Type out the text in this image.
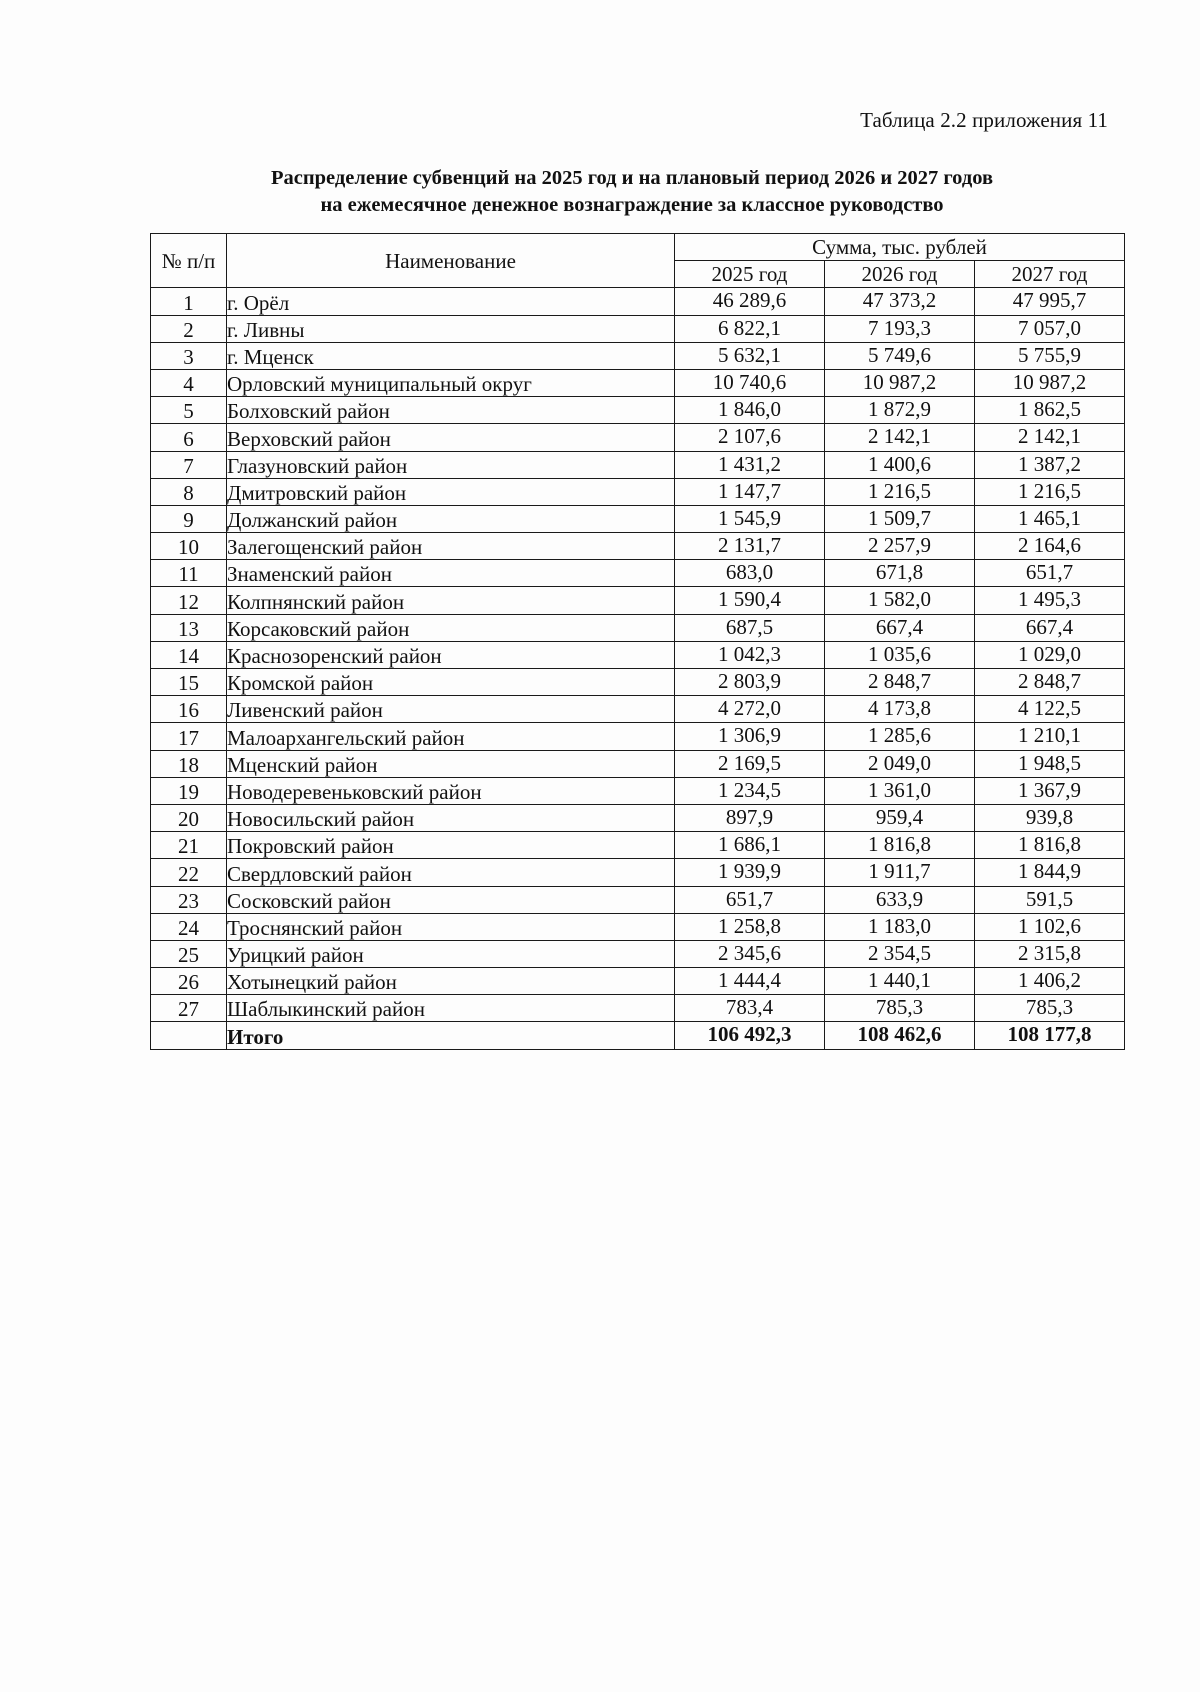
Таблица 2.2 приложения 11
Распределение субвенций на 2025 год и на плановый период 2026 и 2027 годов
на ежемесячное денежное вознаграждение за классное руководство
№ п/п	Наименование	Сумма, тыс. рублей		
		2025 год	2026 год	2027 год
1	г. Орёл	46 289,6	47 373,2	47 995,7
2	г. Ливны	6 822,1	7 193,3	7 057,0
3	г. Мценск	5 632,1	5 749,6	5 755,9
4	Орловский муниципальный округ	10 740,6	10 987,2	10 987,2
5	Болховский район	1 846,0	1 872,9	1 862,5
6	Верховский район	2 107,6	2 142,1	2 142,1
7	Глазуновский район	1 431,2	1 400,6	1 387,2
8	Дмитровский район	1 147,7	1 216,5	1 216,5
9	Должанский район	1 545,9	1 509,7	1 465,1
10	Залегощенский район	2 131,7	2 257,9	2 164,6
11	Знаменский район	683,0	671,8	651,7
12	Колпнянский район	1 590,4	1 582,0	1 495,3
13	Корсаковский район	687,5	667,4	667,4
14	Краснозоренский район	1 042,3	1 035,6	1 029,0
15	Кромской район	2 803,9	2 848,7	2 848,7
16	Ливенский район	4 272,0	4 173,8	4 122,5
17	Малоархангельский район	1 306,9	1 285,6	1 210,1
18	Мценский район	2 169,5	2 049,0	1 948,5
19	Новодеревеньковский район	1 234,5	1 361,0	1 367,9
20	Новосильский район	897,9	959,4	939,8
21	Покровский район	1 686,1	1 816,8	1 816,8
22	Свердловский район	1 939,9	1 911,7	1 844,9
23	Сосковский район	651,7	633,9	591,5
24	Троснянский район	1 258,8	1 183,0	1 102,6
25	Урицкий район	2 345,6	2 354,5	2 315,8
26	Хотынецкий район	1 444,4	1 440,1	1 406,2
27	Шаблыкинский район	783,4	785,3	785,3
	Итого	106 492,3	108 462,6	108 177,8
